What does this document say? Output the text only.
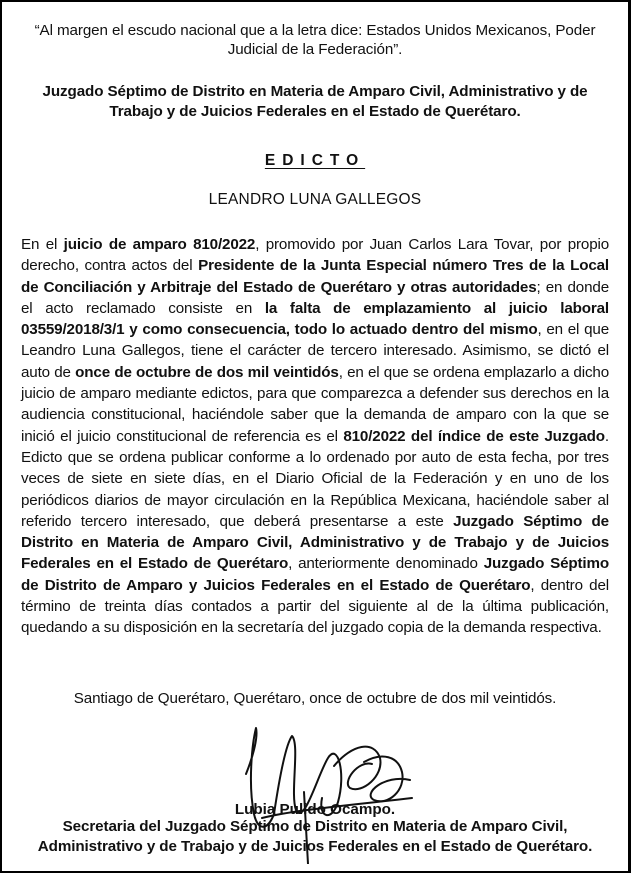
“Al margen el escudo nacional que a la letra dice: Estados Unidos Mexicanos, Poder Judicial de la Federación”.
Juzgado Séptimo de Distrito en Materia de Amparo Civil, Administrativo y de Trabajo y de Juicios Federales en el Estado de Querétaro.
EDICTO
LEANDRO LUNA GALLEGOS
En el juicio de amparo 810/2022, promovido por Juan Carlos Lara Tovar, por propio derecho, contra actos del Presidente de la Junta Especial número Tres de la Local de Conciliación y Arbitraje del Estado de Querétaro y otras autoridades; en donde el acto reclamado consiste en la falta de emplazamiento al juicio laboral 03559/2018/3/1 y como consecuencia, todo lo actuado dentro del mismo, en el que Leandro Luna Gallegos, tiene el carácter de tercero interesado. Asimismo, se dictó el auto de once de octubre de dos mil veintidós, en el que se ordena emplazarlo a dicho juicio de amparo mediante edictos, para que comparezca a defender sus derechos en la audiencia constitucional, haciéndole saber que la demanda de amparo con la que se inició el juicio constitucional de referencia es el 810/2022 del índice de este Juzgado. Edicto que se ordena publicar conforme a lo ordenado por auto de esta fecha, por tres veces de siete en siete días, en el Diario Oficial de la Federación y en uno de los periódicos diarios de mayor circulación en la República Mexicana, haciéndole saber al referido tercero interesado, que deberá presentarse a este Juzgado Séptimo de Distrito en Materia de Amparo Civil, Administrativo y de Trabajo y de Juicios Federales en el Estado de Querétaro, anteriormente denominado Juzgado Séptimo de Distrito de Amparo y Juicios Federales en el Estado de Querétaro, dentro del término de treinta días contados a partir del siguiente al de la última publicación, quedando a su disposición en la secretaría del juzgado copia de la demanda respectiva.
Santiago de Querétaro, Querétaro, once de octubre de dos mil veintidós.
Lubia Pulido Ocampo.
Secretaria del Juzgado Séptimo de Distrito en Materia de Amparo Civil, Administrativo y de Trabajo y de Juicios Federales en el Estado de Querétaro.
